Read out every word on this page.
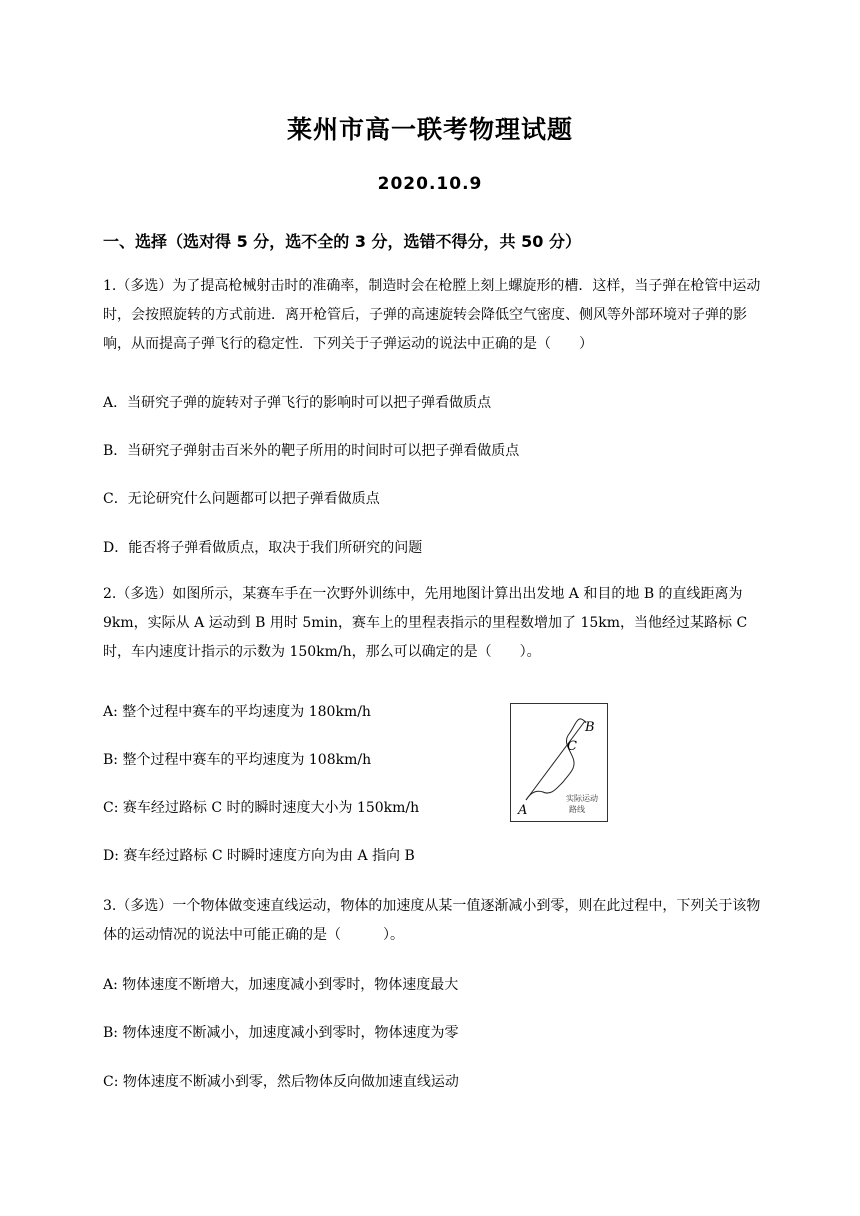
莱州市高一联考物理试题
2020.10.9
一、选择（选对得 5 分，选不全的 3 分，选错不得分，共 50 分）
1.（多选）为了提高枪械射击时的准确率，制造时会在枪膛上刻上螺旋形的槽．这样，当子弹在枪管中运动时，会按照旋转的方式前进．离开枪管后，子弹的高速旋转会降低空气密度、侧风等外部环境对子弹的影响，从而提高子弹飞行的稳定性．下列关于子弹运动的说法中正确的是（　　）
A．当研究子弹的旋转对子弹飞行的影响时可以把子弹看做质点
B．当研究子弹射击百米外的靶子所用的时间时可以把子弹看做质点
C．无论研究什么问题都可以把子弹看做质点
D．能否将子弹看做质点，取决于我们所研究的问题
2.（多选）如图所示，某赛车手在一次野外训练中，先用地图计算出出发地 A 和目的地 B 的直线距离为 9km，实际从 A 运动到 B 用时 5min，赛车上的里程表指示的里程数增加了 15km，当他经过某路标 C 时，车内速度计指示的示数为 150km/h，那么可以确定的是（　　）。
A: 整个过程中赛车的平均速度为 180km/h
B: 整个过程中赛车的平均速度为 108km/h
C: 赛车经过路标 C 时的瞬时速度大小为 150km/h
D: 赛车经过路标 C 时瞬时速度方向为由 A 指向 B
B
C
A
实际运动
路线
3.（多选）一个物体做变速直线运动，物体的加速度从某一值逐渐减小到零，则在此过程中，下列关于该物体的运动情况的说法中可能正确的是（　　　）。
A: 物体速度不断增大，加速度减小到零时，物体速度最大
B: 物体速度不断减小，加速度减小到零时，物体速度为零
C: 物体速度不断减小到零，然后物体反向做加速直线运动
